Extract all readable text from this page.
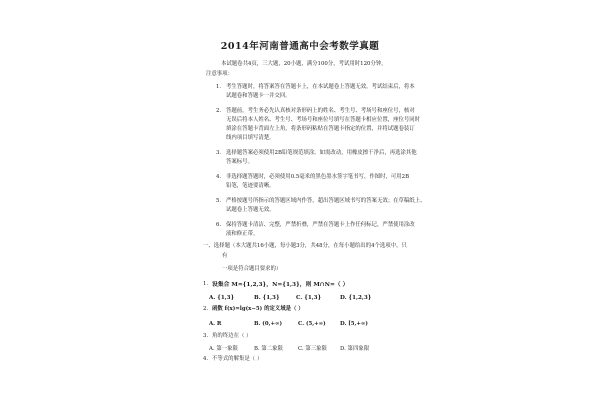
2014年河南普通高中会考数学真题
本试题卷共4页，三大题，20小题，满分100分，考试用时120分钟。
注意事项：
1. 考生答题时，将答案答在答题卡上，在本试题卷上答题无效。考试结束后，将本
试题卷和答题卡一并交回。
2. 答题前，考生务必先认真核对条形码上的姓名、考生号、考场号和座位号，核对
无误后将本人姓名、考生号、考场号和座位号填写在答题卡相应位置，座位号同时
填涂在答题卡背面左上角，将条形码粘贴在答题卡指定的位置，并将试题卷装订
线内项目填写清楚。
3. 选择题答案必须使用2B铅笔规范填涂。如需改动，用橡皮擦干净后，再选涂其他
答案标号。
4. 非选择题答题时，必须使用0.5毫米的黑色墨水签字笔书写，作图时，可用2B
铅笔，笔迹要清晰。
5. 严格按题号所指示的答题区域内作答，超出答题区域书写的答案无效；在草稿纸上、
试题卷上答题无效。
6. 保持答题卡清洁、完整，严禁折叠，严禁在答题卡上作任何标记，严禁使用涂改
液和修正带。
一、选择题（本大题共16小题，每小题3分，共48分，在每小题给出的4个选项中，只
有
一项是符合题目要求的）
1. 设集合 M={1,2,3}，N={1,3}，则 M∩N=（ ）
A. {1,3}	B. {1,3}	C. {1,3}	D. {1,2,3}
2. 函数 f(x)=lg(x−5) 的定义域是（ ）
A. R	B. (0,+∞)	C. (5,+∞)	D. [5,+∞)
3. 角的终边在（ ）
A. 第一象限	B. 第二象限	C. 第三象限 D. 第四象限
4. 不等式的解集是（ ）
